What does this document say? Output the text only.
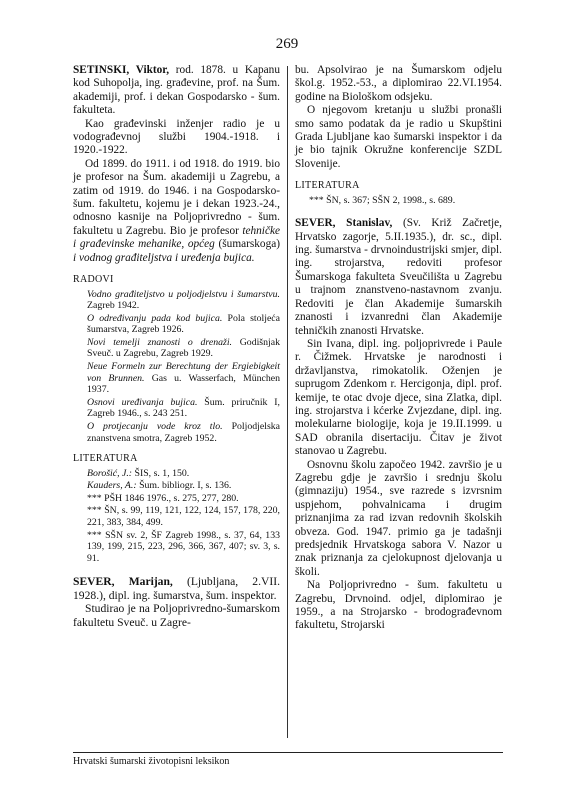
269

SETINSKI, Viktor, rod. 1878. u Kapanu kod Suhopolja, ing. građevine, prof. na Šum. akademiji, prof. i dekan Gospodarsko - šum. fakulteta.

Kao građevinski inženjer radio je u vodograđevnoj službi 1904.-1918. i 1920.-1922.

Od 1899. do 1911. i od 1918. do 1919. bio je profesor na Šum. akademiji u Zagrebu, a zatim od 1919. do 1946. i na Gospodarsko-šum. fakultetu, kojemu je i dekan 1923.-24., odnosno kasnije na Poljoprivredno - šum. fakultetu u Zagrebu. Bio je profesor tehničke i građevinske mehanike, općeg (šumarskoga) i vodnog građiteljstva i uređenja bujica.

RADOVI

Vodno građiteljstvo u poljodjelstvu i šumarstvu. Zagreb 1942.

O određivanju pada kod bujica. Pola stoljeća šumarstva, Zagreb 1926.

Novi temelji znanosti o drenaži. Godišnjak Sveuč. u Zagrebu, Zagreb 1929.

Neue Formeln zur Berechtung der Ergiebigkeit von Brunnen. Gas u. Wasserfach, München 1937.

Osnovi uređivanja bujica. Šum. priručnik I, Zagreb 1946., s. 243 251.

O protjecanju vode kroz tlo. Poljodjelska znanstvena smotra, Zagreb 1952.

LITERATURA

Borošić, J.: ŠIS, s. 1, 150.

Kauders, A.: Šum. bibliogr. I, s. 136.

*** PŠH 1846 1976., s. 275, 277, 280.

*** ŠN, s. 99, 119, 121, 122, 124, 157, 178, 220, 221, 383, 384, 499.

*** SŠN sv. 2, ŠF Zagreb 1998., s. 37, 64, 133 139, 199, 215, 223, 296, 366, 367, 407; sv. 3, s. 91.

SEVER, Marijan, (Ljubljana, 2.VII. 1928.), dipl. ing. šumarstva, šum. inspektor.

Studirao je na Poljoprivredno-šumarskom fakultetu Sveuč. u Zagre-

bu. Apsolvirao je na Šumarskom odjelu škol.g. 1952.-53., a diplomirao 22.VI.1954. godine na Biološkom odsjeku.

O njegovom kretanju u službi pronašli smo samo podatak da je radio u Skupštini Grada Ljubljane kao šumarski inspektor i da je bio tajnik Okružne konferencije SZDL Slovenije.

LITERATURA

*** ŠN, s. 367; SŠN 2, 1998., s. 689.

SEVER, Stanislav, (Sv. Križ Začretje, Hrvatsko zagorje, 5.II.1935.), dr. sc., dipl. ing. šumarstva - drvnoindustrijski smjer, dipl. ing. strojarstva, redoviti profesor Šumarskoga fakulteta Sveučilišta u Zagrebu u trajnom znanstveno-nastavnom zvanju. Redoviti je član Akademije šumarskih znanosti i izvanredni član Akademije tehničkih znanosti Hrvatske.

Sin Ivana, dipl. ing. poljoprivrede i Paule r. Čižmek. Hrvatske je narodnosti i državljanstva, rimokatolik. Oženjen je suprugom Zdenkom r. Hercigonja, dipl. prof. kemije, te otac dvoje djece, sina Zlatka, dipl. ing. strojarstva i kćerke Zvjezdane, dipl. ing. molekularne biologije, koja je 19.II.1999. u SAD obranila disertaciju. Čitav je život stanovao u Zagrebu.

Osnovnu školu započeo 1942. završio je u Zagrebu gdje je završio i srednju školu (gimnaziju) 1954., sve razrede s izvrsnim uspjehom, pohvalnicama i drugim priznanjima za rad izvan redovnih školskih obveza. God. 1947. primio ga je tadašnji predsjednik Hrvatskoga sabora V. Nazor u znak priznanja za cjelokupnost djelovanja u školi.

Na Poljoprivredno - šum. fakultetu u Zagrebu, Drvnoind. odjel, diplomirao je 1959., a na Strojarsko - brodograđevnom fakultetu, Strojarski

Hrvatski šumarski životopisni leksikon
